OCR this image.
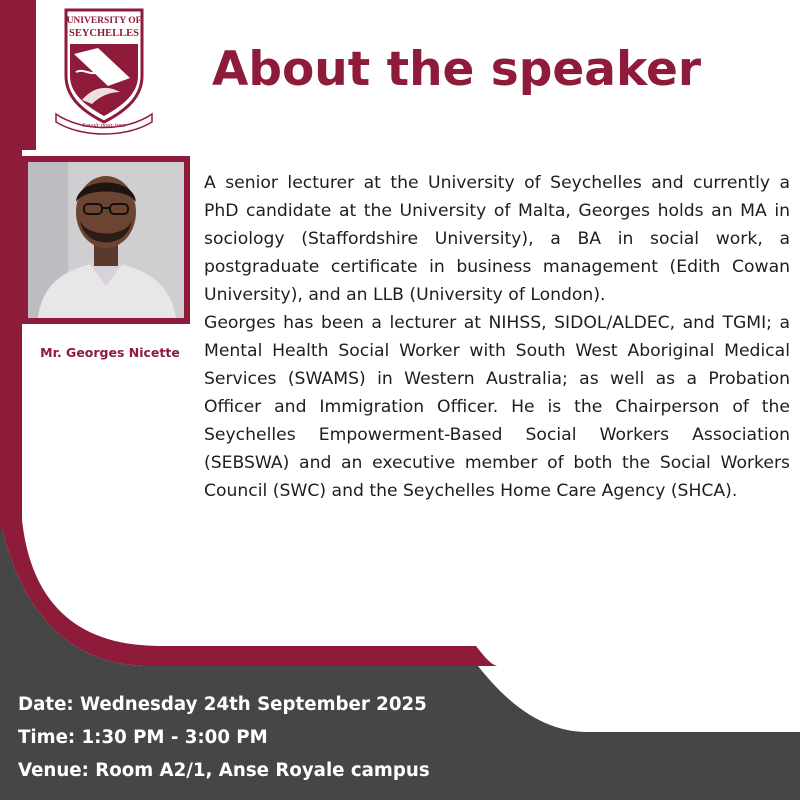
UNIVERSITY OF
SEYCHELLES
Savoir pour tous
About the speaker
Mr. Georges Nicette

A senior lecturer at the University of Seychelles and currently a PhD candidate at the University of Malta, Georges holds an MA in sociology (Staffordshire University), a BA in social work, a postgraduate certificate in business management (Edith Cowan University), and an LLB (University of London).

Georges has been a lecturer at NIHSS, SIDOL/ALDEC, and TGMI; a Mental Health Social Worker with South West Aboriginal Medical Services (SWAMS) in Western Australia; as well as a Probation Officer and Immigration Officer. He is the Chairperson of the Seychelles Empowerment-Based Social Workers Association (SEBSWA) and an executive member of both the Social Workers Council (SWC) and the Seychelles Home Care Agency (SHCA).

Date: Wednesday 24th September 2025
Time: 1:30 PM - 3:00 PM
Venue: Room A2/1, Anse Royale campus
